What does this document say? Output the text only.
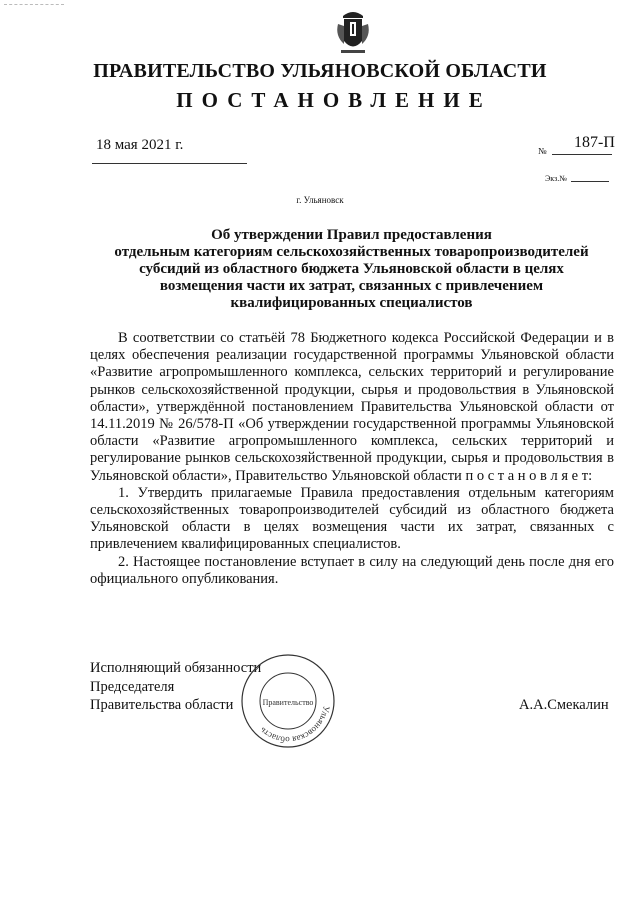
ПРАВИТЕЛЬСТВО УЛЬЯНОВСКОЙ ОБЛАСТИ
ПОСТАНОВЛЕНИЕ
18 мая 2021 г.	№ 187-П
Экз.№
г. Ульяновск
Об утверждении Правил предоставления
отдельным категориям сельскохозяйственных товаропроизводителей
субсидий из областного бюджета Ульяновской области в целях
возмещения части их затрат, связанных с привлечением
квалифицированных специалистов

В соответствии со статьёй 78 Бюджетного кодекса Российской Федерации и в целях обеспечения реализации государственной программы Ульяновской области «Развитие агропромышленного комплекса, сельских территорий и регулирование рынков сельскохозяйственной продукции, сырья и продовольствия в Ульяновской области», утверждённой постановлением Правительства Ульяновской области от 14.11.2019 № 26/578-П «Об утверждении государственной программы Ульяновской области «Развитие агропромышленного комплекса, сельских территорий и регулирование рынков сельскохозяйственной продукции, сырья и продовольствия в Ульяновской области», Правительство Ульяновской области п о с т а н о в л я е т:

1. Утвердить прилагаемые Правила предоставления отдельным категориям сельскохозяйственных товаропроизводителей субсидий из областного бюджета Ульяновской области в целях возмещения части их затрат, связанных с привлечением квалифицированных специалистов.

2. Настоящее постановление вступает в силу на следующий день после дня его официального опубликования.

Исполняющий обязанности
Председателя
Правительства области	Ульяновская область
Правительство	А.А.Смекалин
